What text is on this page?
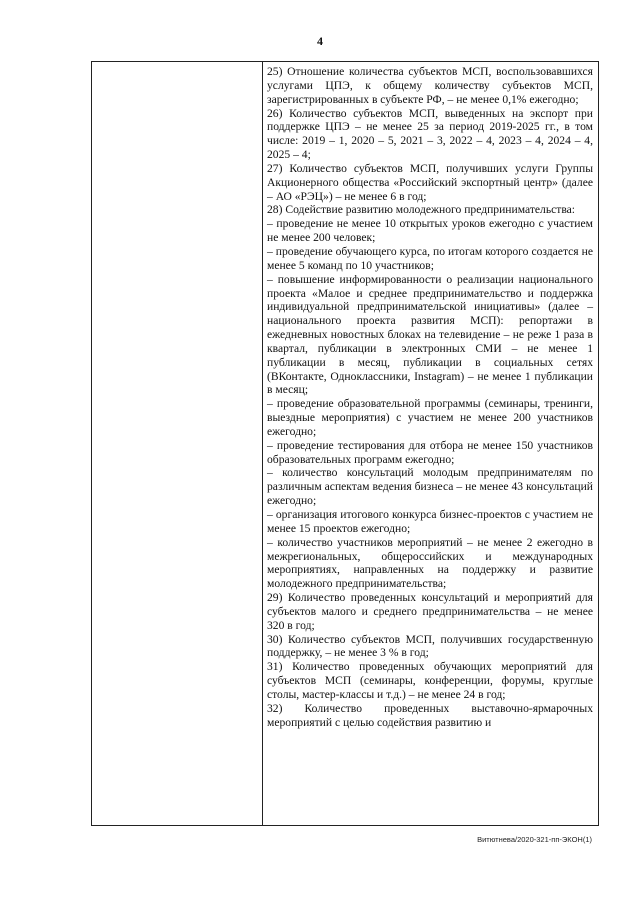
4

25) Отношение количества субъектов МСП, воспользовавшихся услугами ЦПЭ, к общему количеству субъектов МСП, зарегистрированных в субъекте РФ, – не менее 0,1% ежегодно;

26) Количество субъектов МСП, выведенных на экспорт при поддержке ЦПЭ – не менее 25 за период 2019-2025 гг., в том числе: 2019 – 1, 2020 – 5, 2021 – 3, 2022 – 4, 2023 – 4, 2024 – 4, 2025 – 4;

27) Количество субъектов МСП, получивших услуги Группы Акционерного общества «Российский экспортный центр» (далее – АО «РЭЦ») – не менее 6 в год;

28) Содействие развитию молодежного предпринимательства:

– проведение не менее 10 открытых уроков ежегодно с участием не менее 200 человек;

– проведение обучающего курса, по итогам которого создается не менее 5 команд по 10 участников;

– повышение информированности о реализации национального проекта «Малое и среднее предпринимательство и поддержка индивидуальной предпринимательской инициативы» (далее – национального проекта развития МСП): репортажи в ежедневных новостных блоках на телевидение – не реже 1 раза в квартал, публикации в электронных СМИ – не менее 1 публикации в месяц, публикации в социальных сетях (ВКонтакте, Одноклассники, Instagram) – не менее 1 публикации в месяц;

– проведение образовательной программы (семинары, тренинги, выездные мероприятия) с участием не менее 200 участников ежегодно;

– проведение тестирования для отбора не менее 150 участников образовательных программ ежегодно;

– количество консультаций молодым предпринимателям по различным аспектам ведения бизнеса – не менее 43 консультаций ежегодно;

– организация итогового конкурса бизнес-проектов с участием не менее 15 проектов ежегодно;

– количество участников мероприятий – не менее 2 ежегодно в межрегиональных, общероссийских и международных мероприятиях, направленных на поддержку и развитие молодежного предпринимательства;

29) Количество проведенных консультаций и мероприятий для субъектов малого и среднего предпринимательства – не менее 320 в год;

30) Количество субъектов МСП, получивших государственную поддержку, – не менее 3 % в год;

31) Количество проведенных обучающих мероприятий для субъектов МСП (семинары, конференции, форумы, круглые столы, мастер-классы и т.д.) – не менее 24 в год;

32) Количество проведенных выставочно-ярмарочных мероприятий с целью содействия развитию и

Витютнева/2020-321-пп-ЭКОН(1)
